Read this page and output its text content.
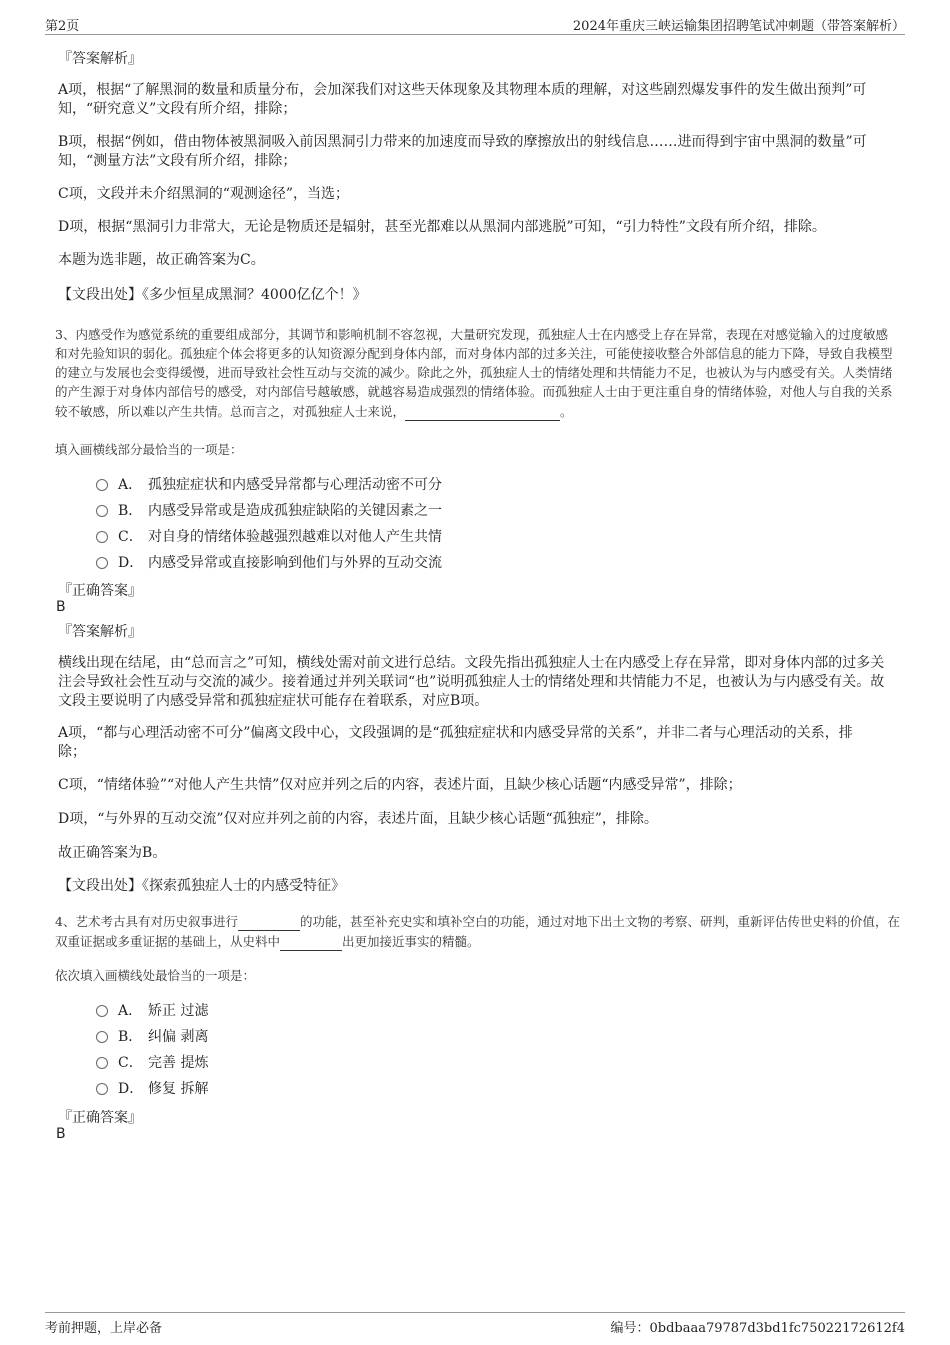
第2页	2024年重庆三峡运输集团招聘笔试冲刺题（带答案解析）
『答案解析』
A项，根据“了解黑洞的数量和质量分布，会加深我们对这些天体现象及其物理本质的理解，对这些剧烈爆发事件的发生做出预判”可知，“研究意义”文段有所介绍，排除；
B项，根据“例如，借由物体被黑洞吸入前因黑洞引力带来的加速度而导致的摩擦放出的射线信息……进而得到宇宙中黑洞的数量”可知，“测量方法”文段有所介绍，排除；
C项，文段并未介绍黑洞的“观测途径”，当选；
D项，根据“黑洞引力非常大，无论是物质还是辐射，甚至光都难以从黑洞内部逃脱”可知，“引力特性”文段有所介绍，排除。
本题为选非题，故正确答案为C。
【文段出处】《多少恒星成黑洞？4000亿亿个！》
3、内感受作为感觉系统的重要组成部分，其调节和影响机制不容忽视，大量研究发现，孤独症人士在内感受上存在异常，表现在对感觉输入的过度敏感和对先验知识的弱化。孤独症个体会将更多的认知资源分配到身体内部，而对身体内部的过多关注，可能使接收整合外部信息的能力下降，导致自我模型的建立与发展也会变得缓慢，进而导致社会性互动与交流的减少。除此之外，孤独症人士的情绪处理和共情能力不足，也被认为与内感受有关。人类情绪的产生源于对身体内部信号的感受，对内部信号越敏感，就越容易造成强烈的情绪体验。而孤独症人士由于更注重自身的情绪体验，对他人与自我的关系较不敏感，所以难以产生共情。总而言之，对孤独症人士来说，	。
填入画横线部分最恰当的一项是：
A． 孤独症症状和内感受异常都与心理活动密不可分
B． 内感受异常或是造成孤独症缺陷的关键因素之一
C． 对自身的情绪体验越强烈越难以对他人产生共情
D． 内感受异常或直接影响到他们与外界的互动交流
『正确答案』
B
『答案解析』
横线出现在结尾，由“总而言之”可知，横线处需对前文进行总结。文段先指出孤独症人士在内感受上存在异常，即对身体内部的过多关注会导致社会性互动与交流的减少。接着通过并列关联词“也”说明孤独症人士的情绪处理和共情能力不足，也被认为与内感受有关。故文段主要说明了内感受异常和孤独症症状可能存在着联系，对应B项。
A项，“都与心理活动密不可分”偏离文段中心，文段强调的是“孤独症症状和内感受异常的关系”，并非二者与心理活动的关系，排除；
C项，“情绪体验”“对他人产生共情”仅对应并列之后的内容，表述片面，且缺少核心话题“内感受异常”，排除；
D项，“与外界的互动交流”仅对应并列之前的内容，表述片面，且缺少核心话题“孤独症”，排除。
故正确答案为B。
【文段出处】《探索孤独症人士的内感受特征》
4、艺术考古具有对历史叙事进行	的功能，甚至补充史实和填补空白的功能，通过对地下出土文物的考察、研判，重新评估传世史料的价值，在双重证据或多重证据的基础上，从史料中	出更加接近事实的精髓。
依次填入画横线处最恰当的一项是：
A． 矫正 过滤
B． 纠偏 剥离
C． 完善 提炼
D． 修复 拆解
『正确答案』
B
考前押题，上岸必备	编号：0bdbaaa79787d3bd1fc75022172612f4
